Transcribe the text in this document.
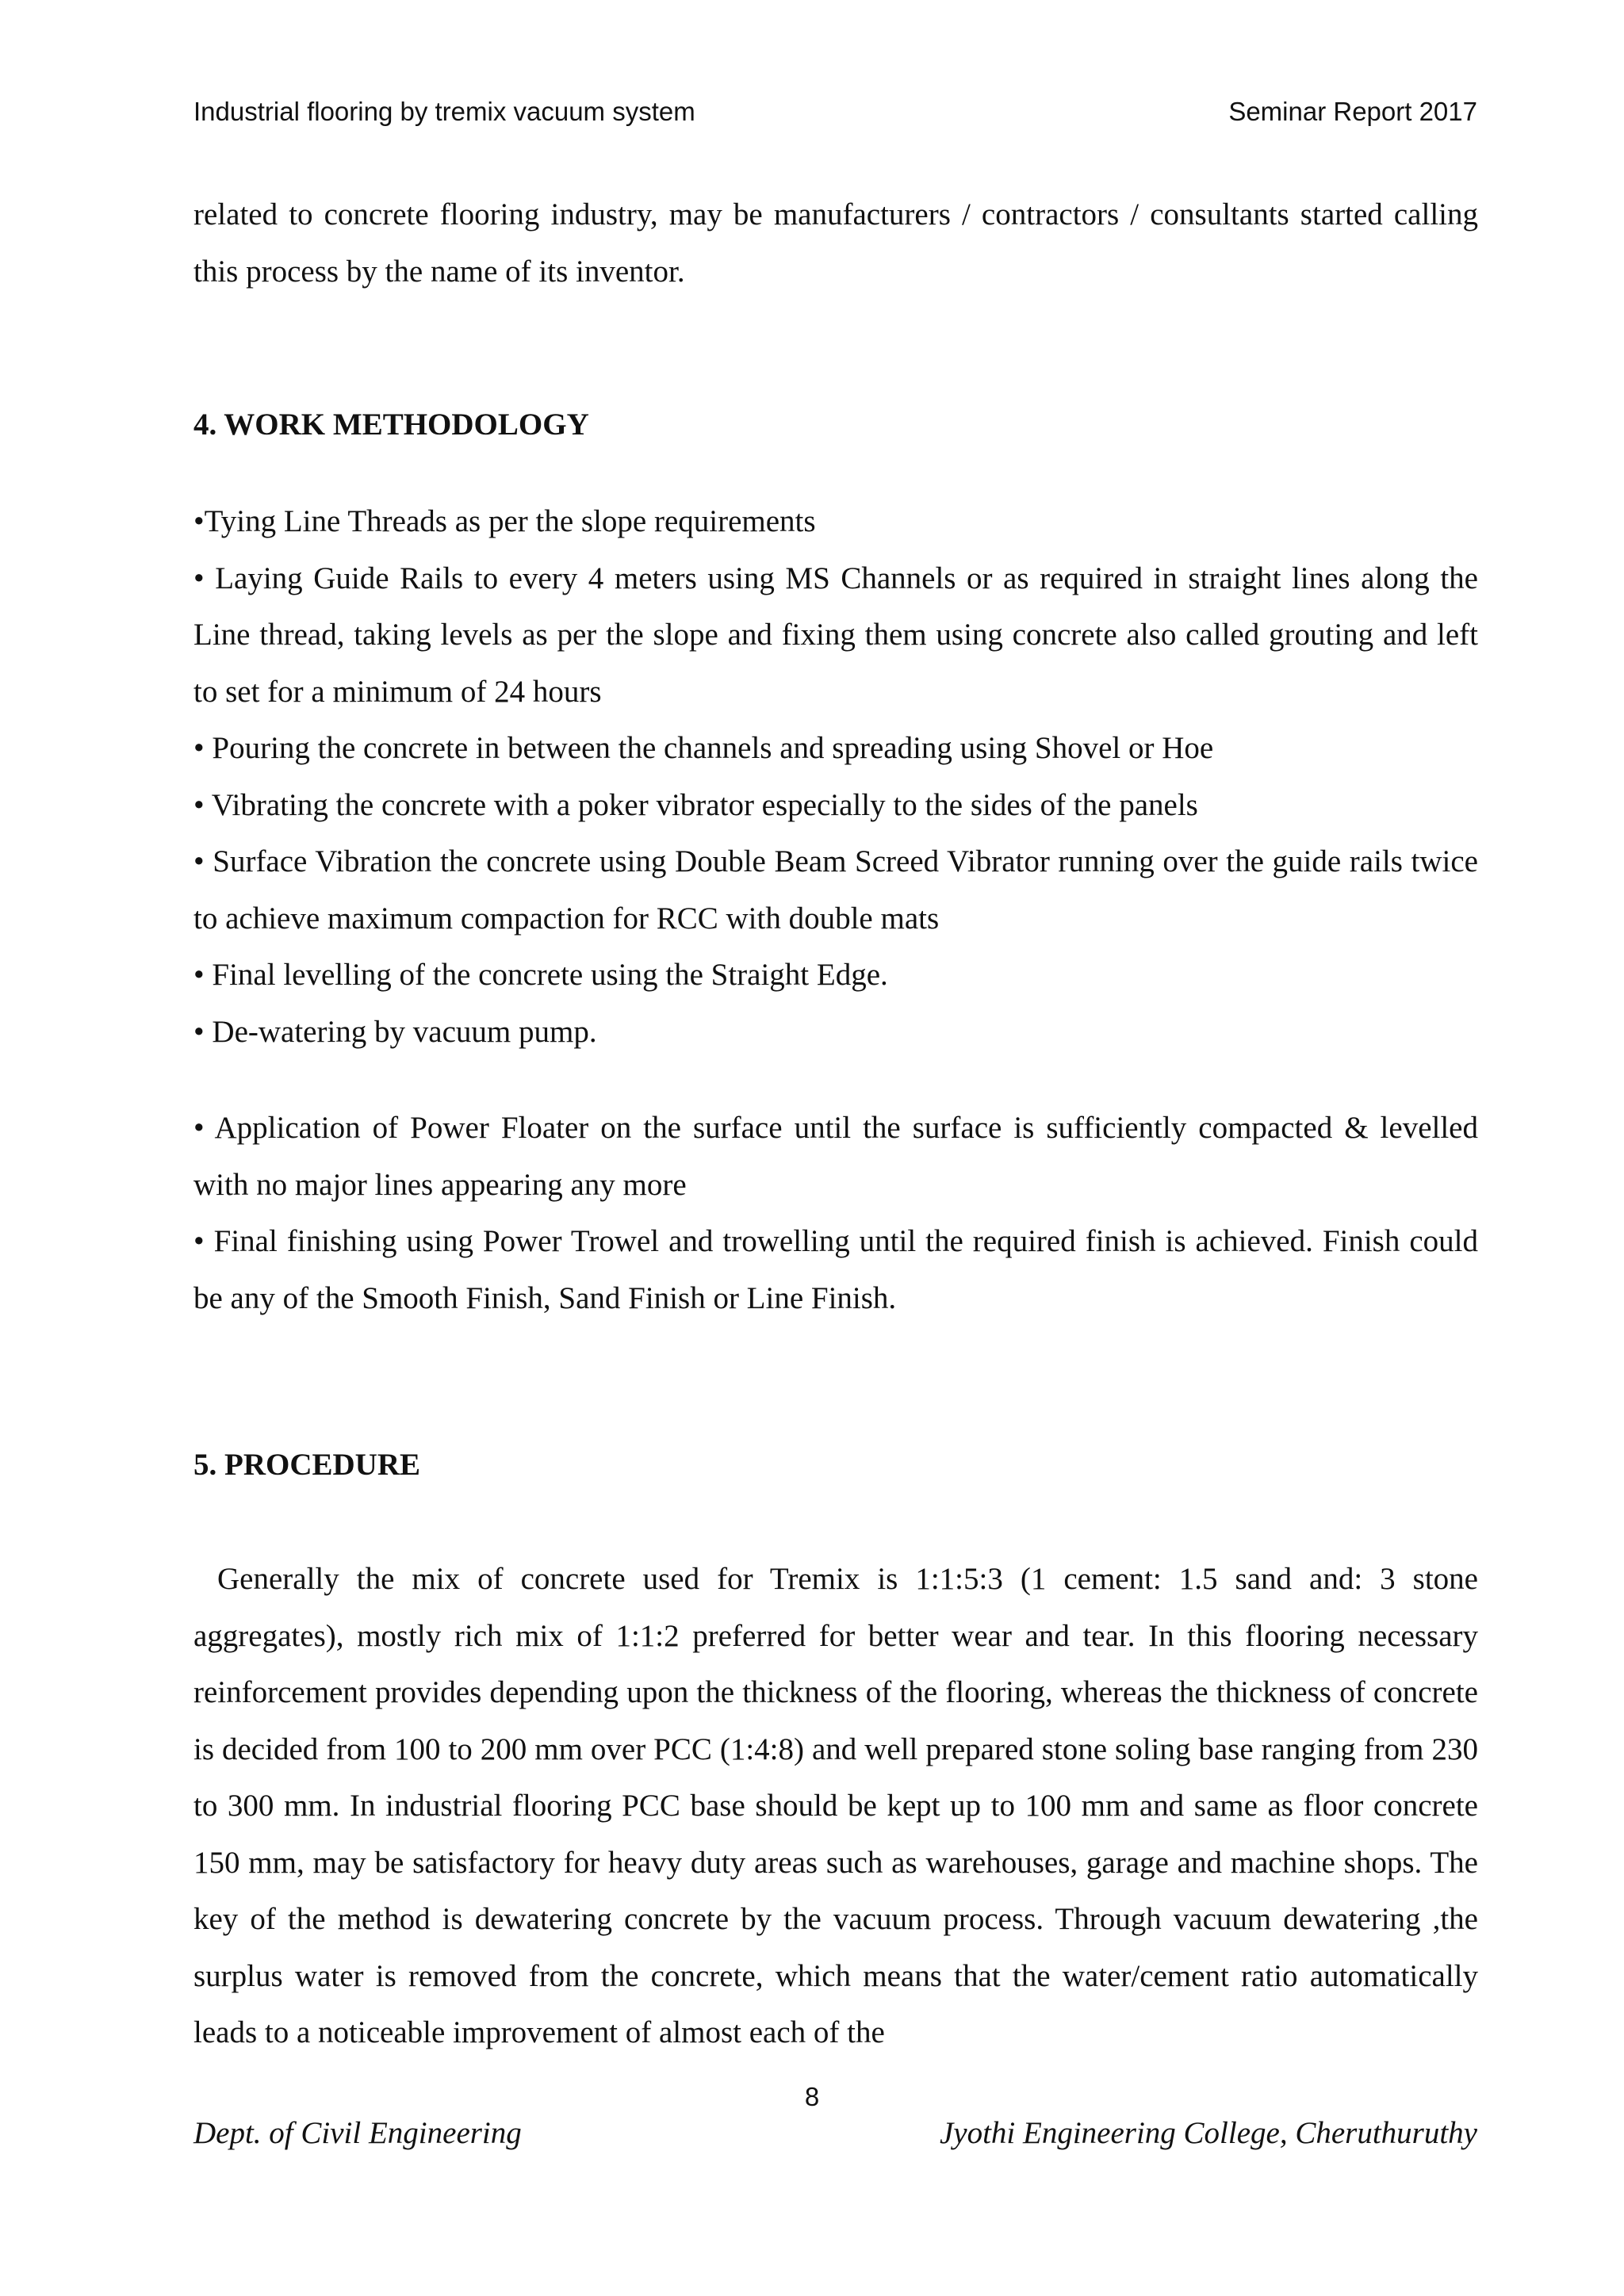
Industrial flooring by tremix vacuum system	Seminar Report 2017

related to concrete flooring industry, may be manufacturers / contractors / consultants started calling this process by the name of its inventor.

4. WORK METHODOLOGY

•Tying Line Threads as per the slope requirements
• Laying Guide Rails to every 4 meters using MS Channels or as required in straight lines along the Line thread, taking levels as per the slope and fixing them using concrete also called grouting and left to set for a minimum of 24 hours
• Pouring the concrete in between the channels and spreading using Shovel or Hoe
• Vibrating the concrete with a poker vibrator especially to the sides of the panels
• Surface Vibration the concrete using Double Beam Screed Vibrator running over the guide rails twice to achieve maximum compaction for RCC with double mats
• Final levelling of the concrete using the Straight Edge.
• De-watering by vacuum pump.
• Application of Power Floater on the surface until the surface is sufficiently compacted & levelled with no major lines appearing any more
• Final finishing using Power Trowel and trowelling until the required finish is achieved. Finish could be any of the Smooth Finish, Sand Finish or Line Finish.

5. PROCEDURE

Generally the mix of concrete used for Tremix is 1:1:5:3 (1 cement: 1.5 sand and: 3 stone aggregates), mostly rich mix of 1:1:2 preferred for better wear and tear. In this flooring necessary reinforcement provides depending upon the thickness of the flooring, whereas the thickness of concrete is decided from 100 to 200 mm over PCC (1:4:8) and well prepared stone soling base ranging from 230 to 300 mm. In industrial flooring PCC base should be kept up to 100 mm and same as floor concrete 150 mm, may be satisfactory for heavy duty areas such as warehouses, garage and machine shops. The key of the method is dewatering concrete by the vacuum process. Through vacuum dewatering ,the surplus water is removed from the concrete, which means that the water/cement ratio automatically leads to a noticeable improvement of almost each of the

8
Dept. of Civil Engineering	Jyothi Engineering College, Cheruthuruthy
